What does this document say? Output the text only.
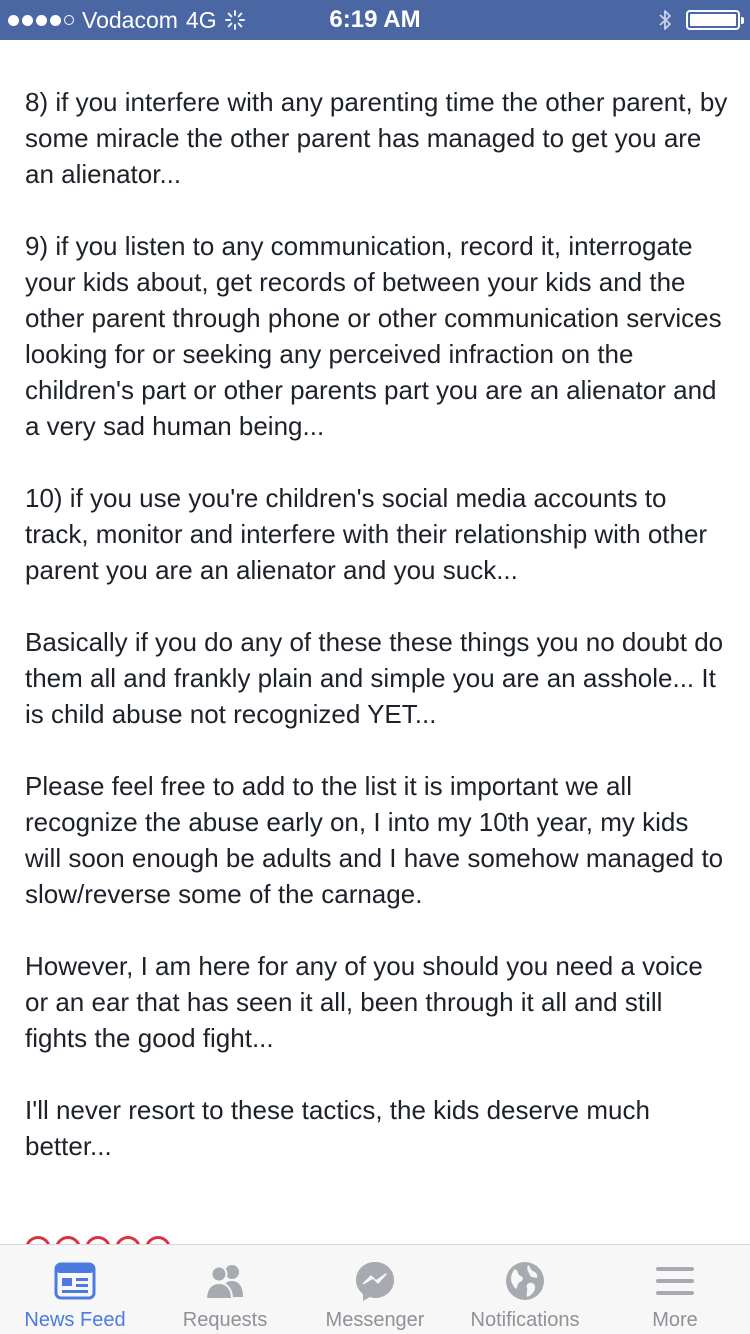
Vodacom 4G	6:19 AM

8) if you interfere with any parenting time the other parent, by some miracle the other parent has managed to get you are an alienator...

9) if you listen to any communication, record it, interrogate your kids about, get records of between your kids and the other parent through phone or other communication services looking for or seeking any perceived infraction on the children's part or other parents part you are an alienator and a very sad human being...

10) if you use you're children's social media accounts to track, monitor and interfere with their relationship with other parent you are an alienator and you suck...

Basically if you do any of these these things you no doubt do them all and frankly plain and simple you are an asshole... It is child abuse not recognized YET...

Please feel free to add to the list it is important we all recognize the abuse early on, I into my 10th year, my kids will soon enough be adults and I have somehow managed to slow/reverse some of the carnage.

However, I am here for any of you should you need a voice or an ear that has seen it all, been through it all and still fights the good fight...

I'll never resort to these tactics, the kids deserve much better...

News Feed	Requests	Messenger Notifications	More
